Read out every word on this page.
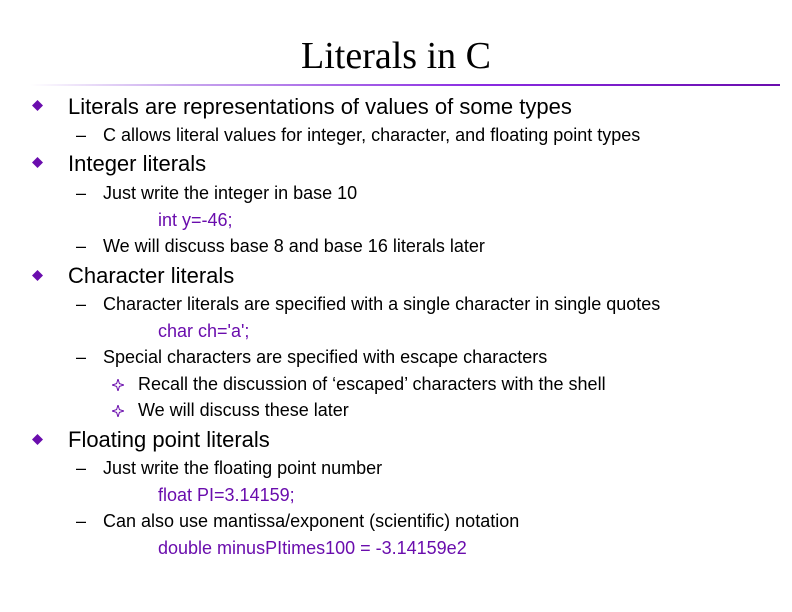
Literals in C
Literals are representations of values of some types
– C allows literal values for integer, character, and floating point types
Integer literals
– Just write the integer in base 10
int y=-46;
– We will discuss base 8 and base 16 literals later
Character literals
– Character literals are specified with a single character in single quotes
char ch='a';
– Special characters are specified with escape characters
Recall the discussion of ‘escaped’ characters with the shell
We will discuss these later
Floating point literals
– Just write the floating point number
float PI=3.14159;
– Can also use mantissa/exponent (scientific) notation
double minusPItimes100 = -3.14159e2
